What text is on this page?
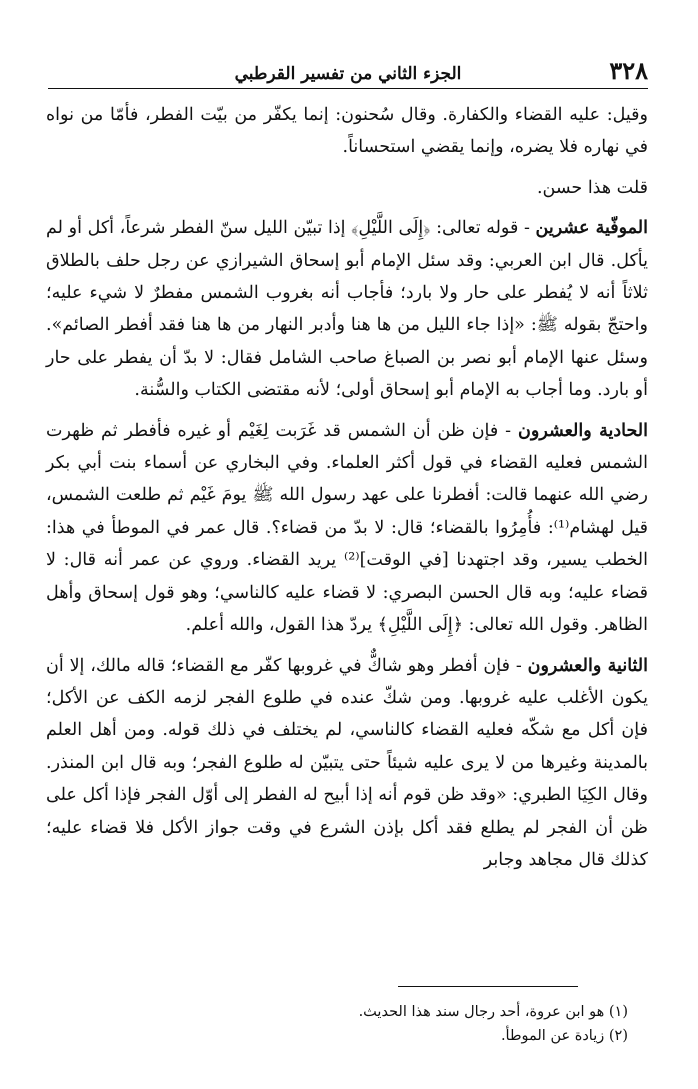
٣٢٨
الجزء الثاني من تفسير القرطبي

وقيل: عليه القضاء والكفارة. وقال سُحنون: إنما يكفّر من بيّت الفطر، فأمّا من نواه في نهاره فلا يضره، وإنما يقضي استحساناً.

قلت هذا حسن.

الموفّية عشرين - قوله تعالى: ﴿إِلَى اللَّيْلِ﴾ إذا تبيّن الليل سنّ الفطر شرعاً، أكل أو لم يأكل. قال ابن العربي: وقد سئل الإمام أبو إسحاق الشيرازي عن رجل حلف بالطلاق ثلاثاً أنه لا يُفطر على حار ولا بارد؛ فأجاب أنه بغروب الشمس مفطرٌ لا شيء عليه؛ واحتجّ بقوله ﷺ: «إذا جاء الليل من ها هنا وأدبر النهار من ها هنا فقد أفطر الصائم». وسئل عنها الإمام أبو نصر بن الصباغ صاحب الشامل فقال: لا بدّ أن يفطر على حار أو بارد. وما أجاب به الإمام أبو إسحاق أولى؛ لأنه مقتضى الكتاب والسُّنة.

الحادية والعشرون - فإن ظن أن الشمس قد غَرَبت لِغَيْم أو غيره فأفطر ثم ظهرت الشمس فعليه القضاء في قول أكثر العلماء. وفي البخاري عن أسماء بنت أبي بكر رضي الله عنهما قالت: أفطرنا على عهد رسول الله ﷺ يومَ غَيْم ثم طلعت الشمس، قيل لهشام⁽¹⁾: فأُمِرُوا بالقضاء؛ قال: لا بدّ من قضاء؟. قال عمر في الموطأ في هذا: الخطب يسير، وقد اجتهدنا [في الوقت]⁽²⁾ يريد القضاء. وروي عن عمر أنه قال: لا قضاء عليه؛ وبه قال الحسن البصري: لا قضاء عليه كالناسي؛ وهو قول إسحاق وأهل الظاهر. وقول الله تعالى: ﴿إِلَى اللَّيْلِ﴾ يردّ هذا القول، والله أعلم.

الثانية والعشرون - فإن أفطر وهو شاكٌّ في غروبها كفّر مع القضاء؛ قاله مالك، إلا أن يكون الأغلب عليه غروبها. ومن شكّ عنده في طلوع الفجر لزمه الكف عن الأكل؛ فإن أكل مع شكّه فعليه القضاء كالناسي، لم يختلف في ذلك قوله. ومن أهل العلم بالمدينة وغيرها من لا يرى عليه شيئاً حتى يتبيّن له طلوع الفجر؛ وبه قال ابن المنذر. وقال الكِيَا الطبري: «وقد ظن قوم أنه إذا أبيح له الفطر إلى أوّل الفجر فإذا أكل على ظن أن الفجر لم يطلع فقد أكل بإذن الشرع في وقت جواز الأكل فلا قضاء عليه؛ كذلك قال مجاهد وجابر

(١) هو ابن عروة، أحد رجال سند هذا الحديث.
(٢) زيادة عن الموطأ.
